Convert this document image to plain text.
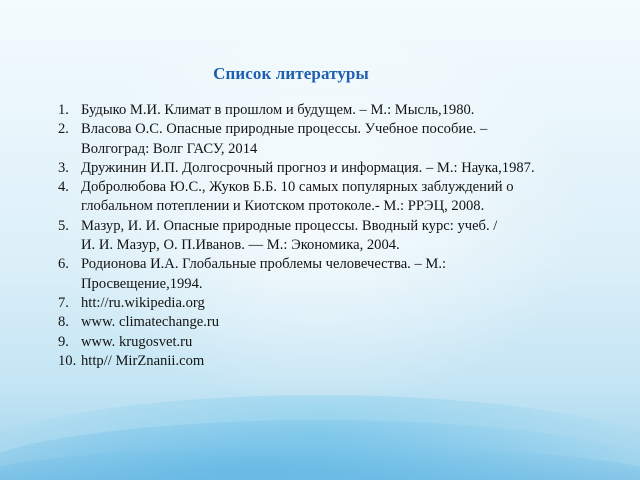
Список литературы
1. Будыко М.И. Климат в прошлом и будущем. – М.: Мысль,1980.
2. Власова О.С. Опасные природные процессы. Учебное пособие. –
Волгоград: Волг ГАСУ, 2014
3. Дружинин И.П. Долгосрочный прогноз и информация. – М.: Наука,1987.
4. Добролюбова Ю.С., Жуков Б.Б. 10 самых популярных заблуждений о
глобальном потеплении и Киотском протоколе.- М.: РРЭЦ, 2008.
5. Мазур, И. И. Опасные природные процессы. Вводный курс: учеб. /
И. И. Мазур, О. П.Иванов. — М.: Экономика, 2004.
6. Родионова И.А. Глобальные проблемы человечества. – М.:
Просвещение,1994.
7. htt://ru.wikipedia.org
8. www. climatechange.ru
9. www. krugosvet.ru
10. http// MirZnanii.com
